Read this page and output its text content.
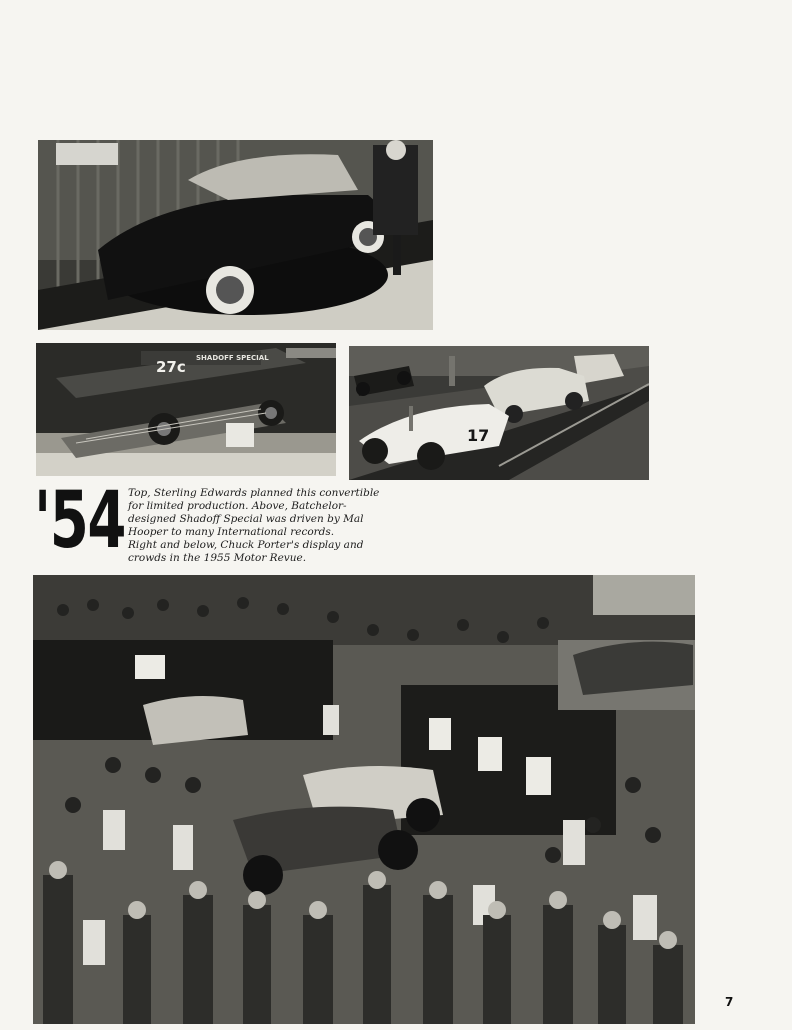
27c SHADOFF SPECIAL
17
'54 Top, Sterling Edwards planned this convertible
for limited production. Above, Batchelor-
designed Shadoff Special was driven by Mal
Hooper to many International records.
Right and below, Chuck Porter's display and
crowds in the 1955 Motor Revue.
7
